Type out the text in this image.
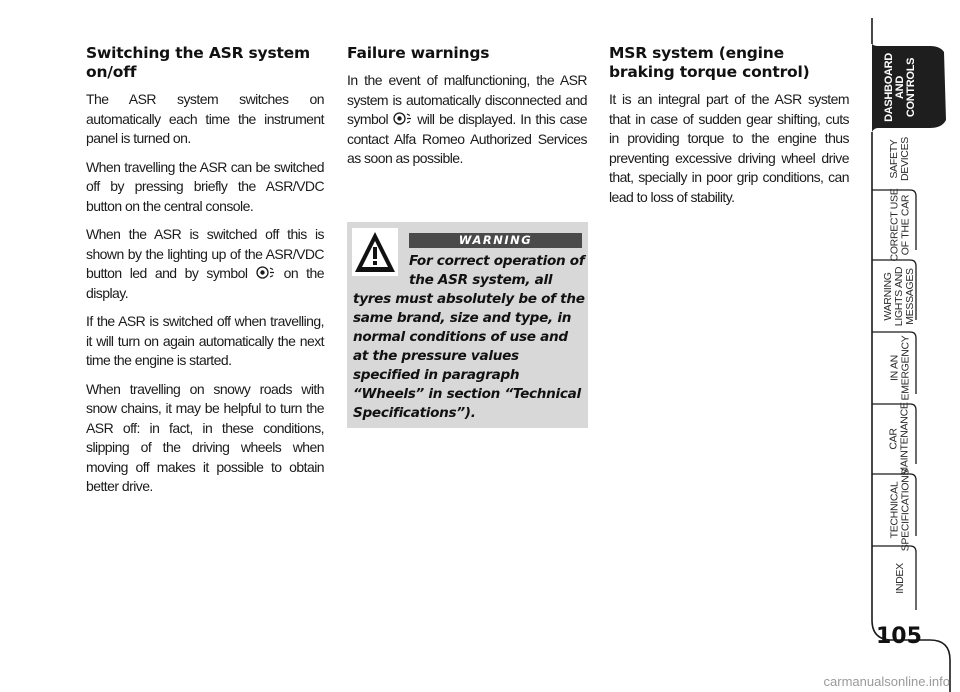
Switching the ASR system on/off

The ASR system switches on automatically each time the instrument panel is turned on.

When travelling the ASR can be switched off by pressing briefly the ASR/VDC button on the central console.

When the ASR is switched off this is shown by the lighting up of the ASR/VDC button led and by symbol	on the display.

If the ASR is switched off when travelling, it will turn on again automatically the next time the engine is started.

When travelling on snowy roads with snow chains, it may be helpful to turn the ASR off: in fact, in these conditions, slipping of the driving wheels when moving off makes it possible to obtain better drive.

Failure warnings

In the event of malfunctioning, the ASR system is automatically disconnected and symbol will be displayed. In this case contact Alfa Romeo Authorized Services as soon as possible.

WARNING
For correct operation of the ASR system, all tyres must absolutely be of the same brand, size and type, in normal conditions of use and at the pressure values specified in paragraph “Wheels” in section “Technical Specifications”).
MSR system (engine braking torque control)

It is an integral part of the ASR system that in case of sudden gear shifting, cuts in providing torque to the engine thus preventing excessive driving wheel drive that, specially in poor grip conditions, can lead to loss of stability.

DASHBOARD
AND
CONTROLS
SAFETY
DEVICES
CORRECT USE
OF THE CAR
WARNING
LIGHTS AND
MESSAGES
IN AN
EMERGENCY
CAR
MAINTENANCE
TECHNICAL
SPECIFICATIONS
INDEX
105
carmanualsonline.info
